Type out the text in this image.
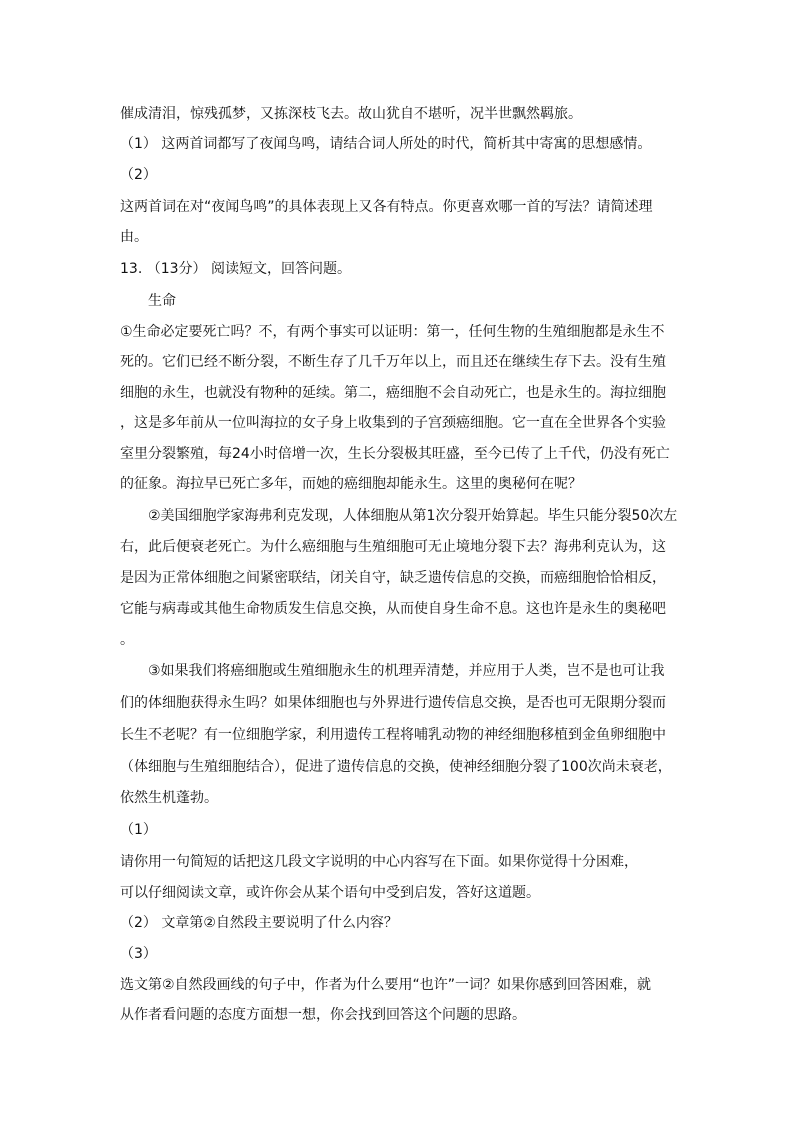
催成清泪，惊残孤梦，又拣深枝飞去。故山犹自不堪听，况半世飘然羁旅。
（1） 这两首词都写了夜闻鸟鸣，请结合词人所处的时代，简析其中寄寓的思想感情。
（2）
这两首词在对“夜闻鸟鸣”的具体表现上又各有特点。你更喜欢哪一首的写法？请简述理
由。
13. （13分） 阅读短文，回答问题。
生命
①生命必定要死亡吗？不，有两个事实可以证明：第一，任何生物的生殖细胞都是永生不
死的。它们已经不断分裂，不断生存了几千万年以上，而且还在继续生存下去。没有生殖
细胞的永生，也就没有物种的延续。第二，癌细胞不会自动死亡，也是永生的。海拉细胞
，这是多年前从一位叫海拉的女子身上收集到的子宫颈癌细胞。它一直在全世界各个实验
室里分裂繁殖，每24小时倍增一次，生长分裂极其旺盛，至今已传了上千代，仍没有死亡
的征象。海拉早已死亡多年，而她的癌细胞却能永生。这里的奥秘何在呢？
②美国细胞学家海弗利克发现，人体细胞从第1次分裂开始算起。毕生只能分裂50次左
右，此后便衰老死亡。为什么癌细胞与生殖细胞可无止境地分裂下去？海弗利克认为，这
是因为正常体细胞之间紧密联结，闭关自守，缺乏遗传信息的交换，而癌细胞恰恰相反，
它能与病毒或其他生命物质发生信息交换，从而使自身生命不息。这也许是永生的奥秘吧
。
③如果我们将癌细胞或生殖细胞永生的机理弄清楚，并应用于人类，岂不是也可让我
们的体细胞获得永生吗？如果体细胞也与外界进行遗传信息交换，是否也可无限期分裂而
长生不老呢？有一位细胞学家，利用遗传工程将哺乳动物的神经细胞移植到金鱼卵细胞中
（体细胞与生殖细胞结合），促进了遗传信息的交换，使神经细胞分裂了100次尚未衰老，
依然生机蓬勃。
（1）
请你用一句简短的话把这几段文字说明的中心内容写在下面。如果你觉得十分困难，
可以仔细阅读文章，或许你会从某个语句中受到启发，答好这道题。
（2） 文章第②自然段主要说明了什么内容？
（3）
选文第②自然段画线的句子中，作者为什么要用“也许”一词？如果你感到回答困难，就
从作者看问题的态度方面想一想，你会找到回答这个问题的思路。
